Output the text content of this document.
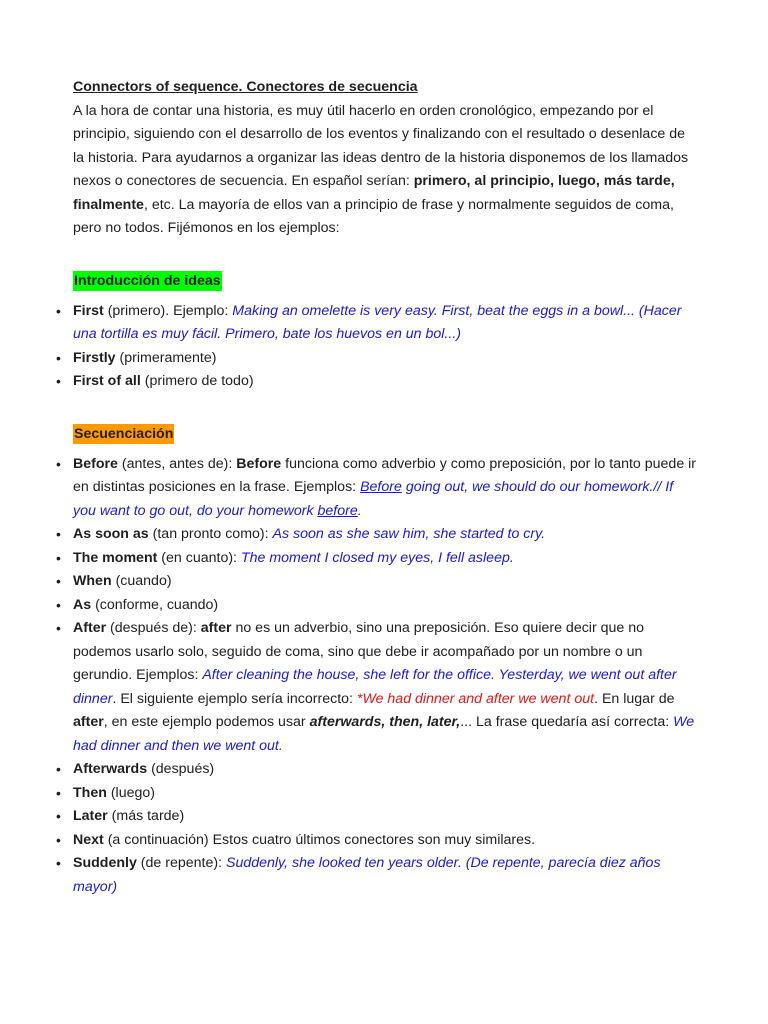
Connectors of sequence. Conectores de secuencia

A la hora de contar una historia, es muy útil hacerlo en orden cronológico, empezando por el principio, siguiendo con el desarrollo de los eventos y finalizando con el resultado o desenlace de la historia. Para ayudarnos a organizar las ideas dentro de la historia disponemos de los llamados nexos o conectores de secuencia. En español serían: primero, al principio, luego, más tarde, finalmente, etc. La mayoría de ellos van a principio de frase y normalmente seguidos de coma, pero no todos. Fijémonos en los ejemplos:

Introducción de ideas

• First (primero). Ejemplo: Making an omelette is very easy. First, beat the eggs in a bowl... (Hacer una tortilla es muy fácil. Primero, bate los huevos en un bol...)
• Firstly (primeramente)
• First of all (primero de todo)

Secuenciación

• Before (antes, antes de): Before funciona como adverbio y como preposición, por lo tanto puede ir en distintas posiciones en la frase. Ejemplos: Before going out, we should do our homework.// If you want to go out, do your homework before.
• As soon as (tan pronto como): As soon as she saw him, she started to cry.
• The moment (en cuanto): The moment I closed my eyes, I fell asleep.
• When (cuando)
• As (conforme, cuando)
• After (después de): after no es un adverbio, sino una preposición. Eso quiere decir que no podemos usarlo solo, seguido de coma, sino que debe ir acompañado por un nombre o un gerundio. Ejemplos: After cleaning the house, she left for the office. Yesterday, we went out after dinner. El siguiente ejemplo sería incorrecto: *We had dinner and after we went out. En lugar de after, en este ejemplo podemos usar afterwards, then, later,... La frase quedaría así correcta: We had dinner and then we went out.
• Afterwards (después)
• Then (luego)
• Later (más tarde)
• Next (a continuación) Estos cuatro últimos conectores son muy similares.
• Suddenly (de repente): Suddenly, she looked ten years older. (De repente, parecía diez años mayor)
